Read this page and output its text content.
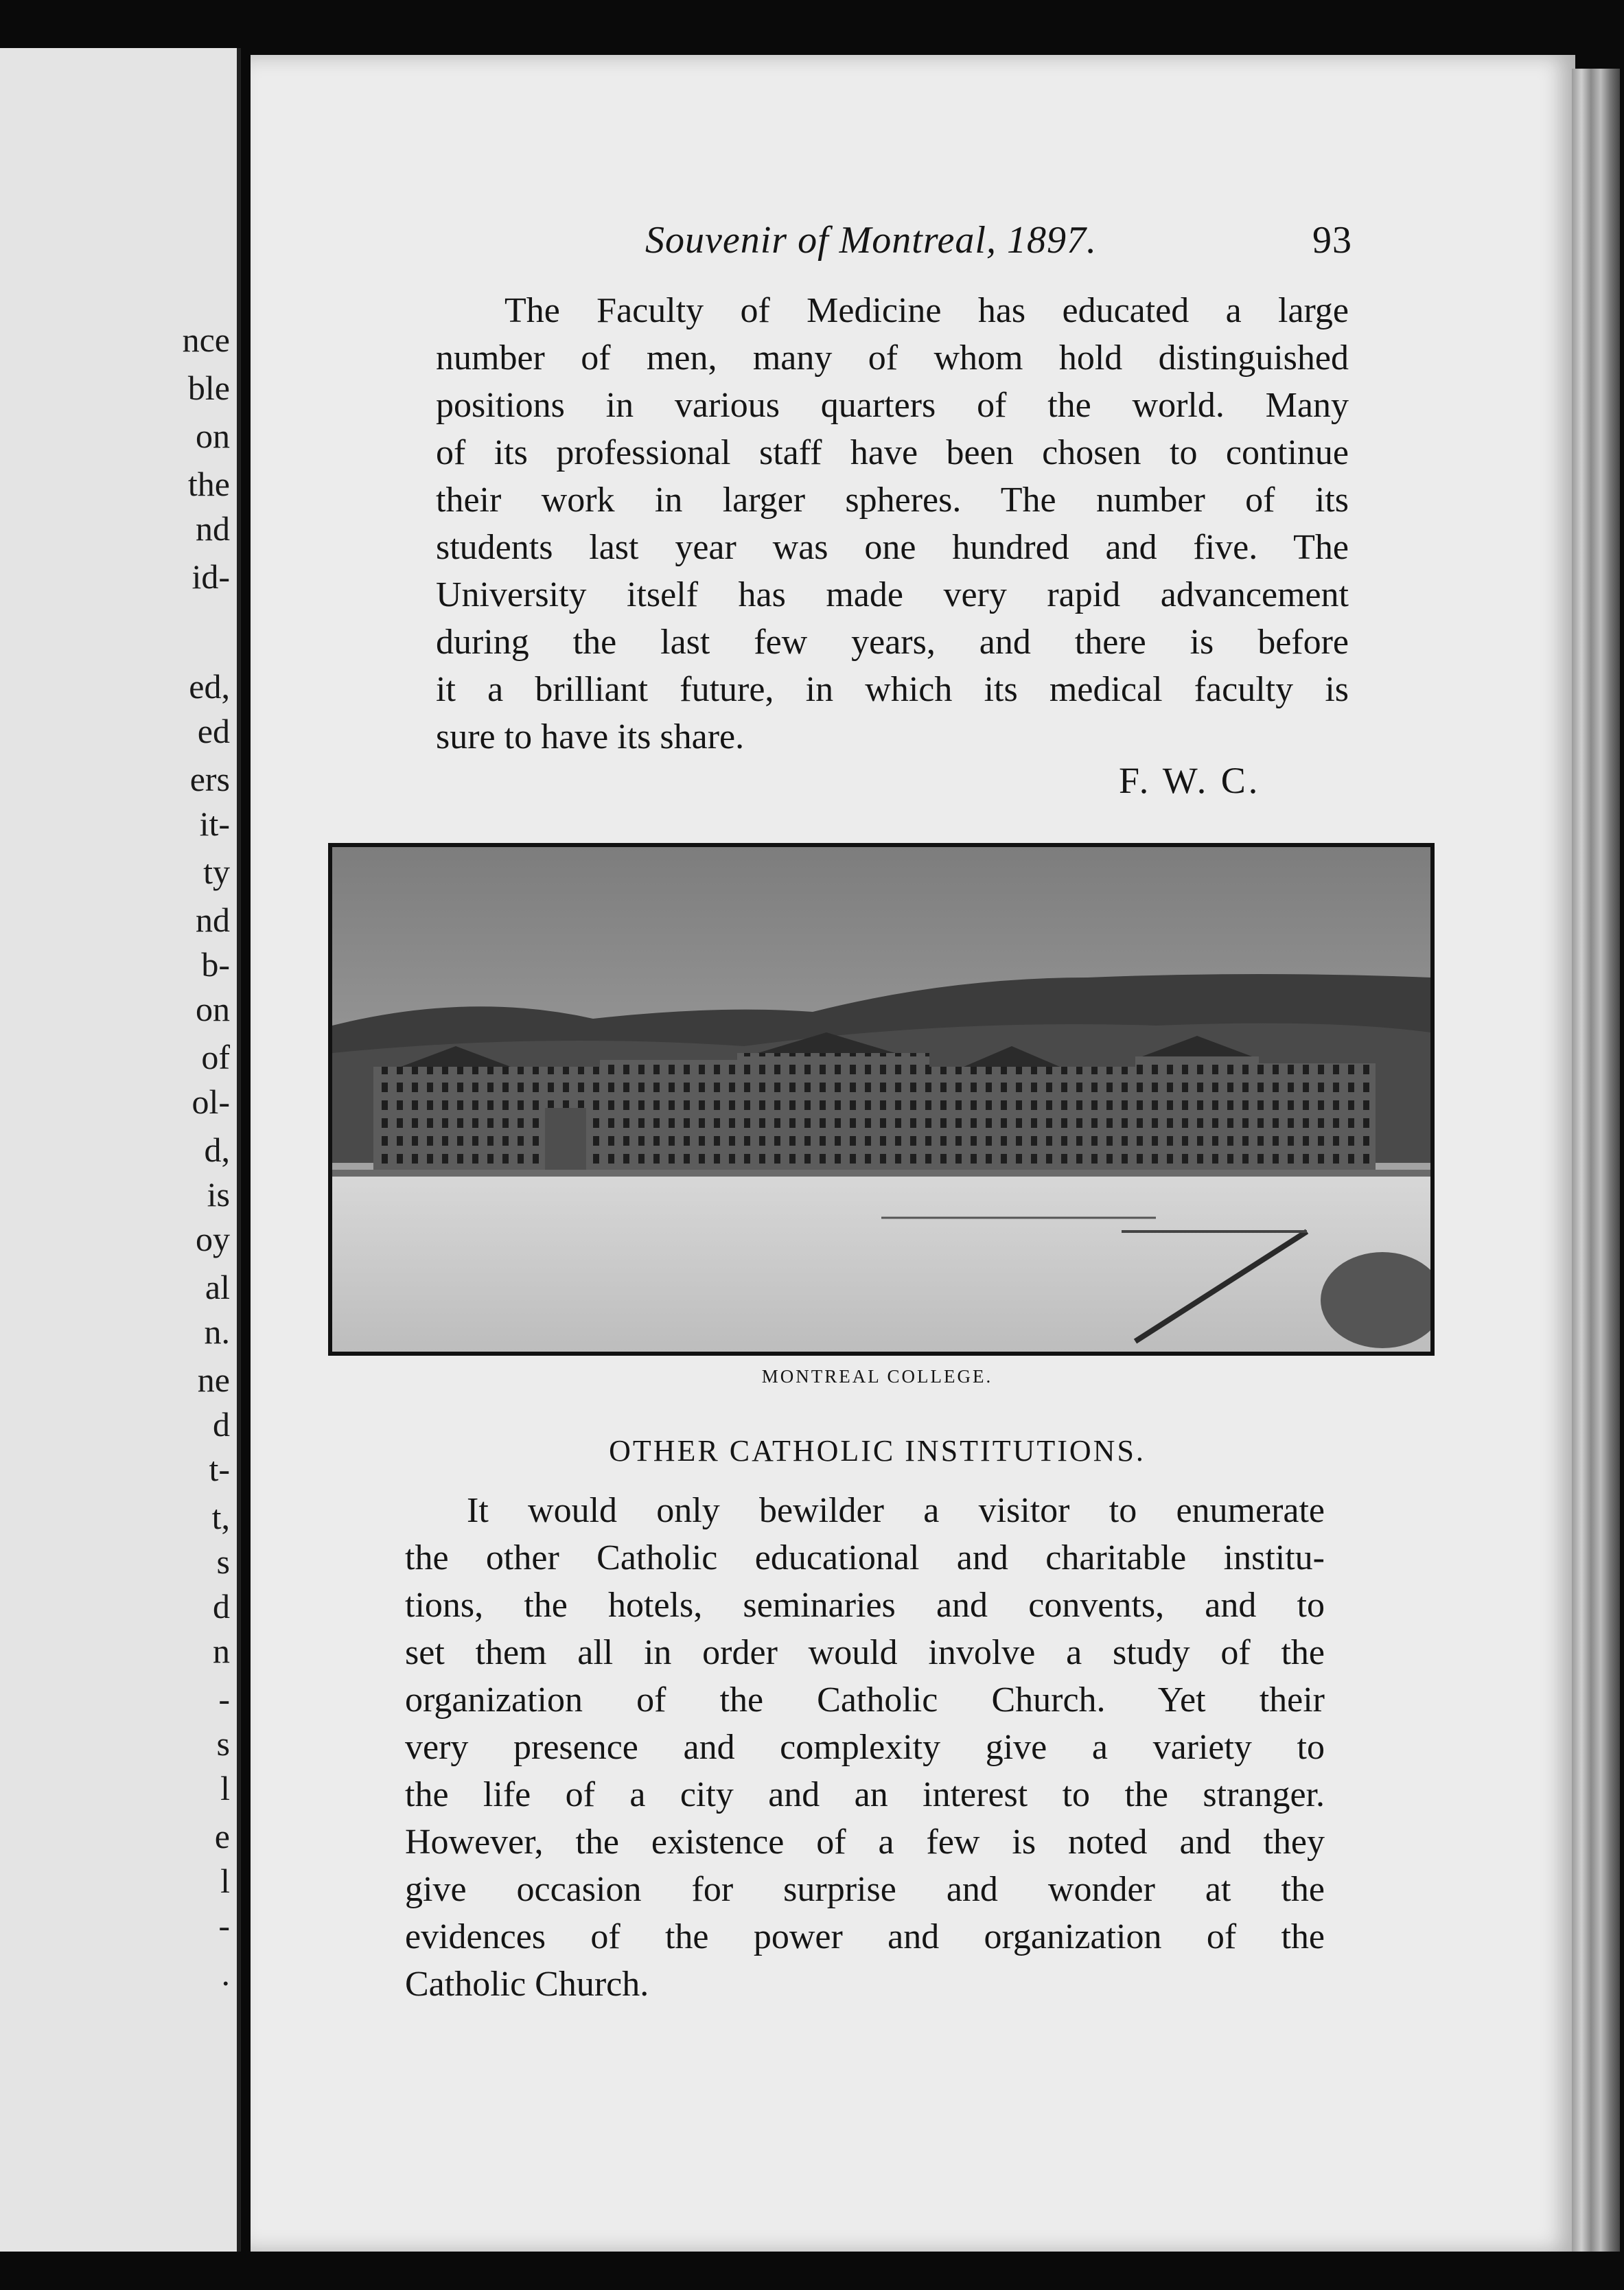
nce
ble
on
the
nd
id-
ed,
ed
ers
it-
ty
nd
b-
on
of
ol-
d,
is
oy
al
n.
ne
d
t-
t,
s
d
n
-
s
l
e
l
-
.
Souvenir of Montreal, 1897.	93
The Faculty of Medicine has educated a large
number of men, many of whom hold distinguished
positions in various quarters of the world. Many
of its professional staff have been chosen to continue
their work in larger spheres. The number of its
students last year was one hundred and five. The
University itself has made very rapid advancement
during the last few years, and there is before
it a brilliant future, in which its medical faculty is
sure to have its share.
F. W. C.
MONTREAL COLLEGE.
OTHER CATHOLIC INSTITUTIONS.
It would only bewilder a visitor to enumerate
the other Catholic educational and charitable institu-
tions, the hotels, seminaries and convents, and to
set them all in order would involve a study of the
organization of the Catholic Church. Yet their
very presence and complexity give a variety to
the life of a city and an interest to the stranger.
However, the existence of a few is noted and they
give occasion for surprise and wonder at the
evidences of the power and organization of the
Catholic Church.
